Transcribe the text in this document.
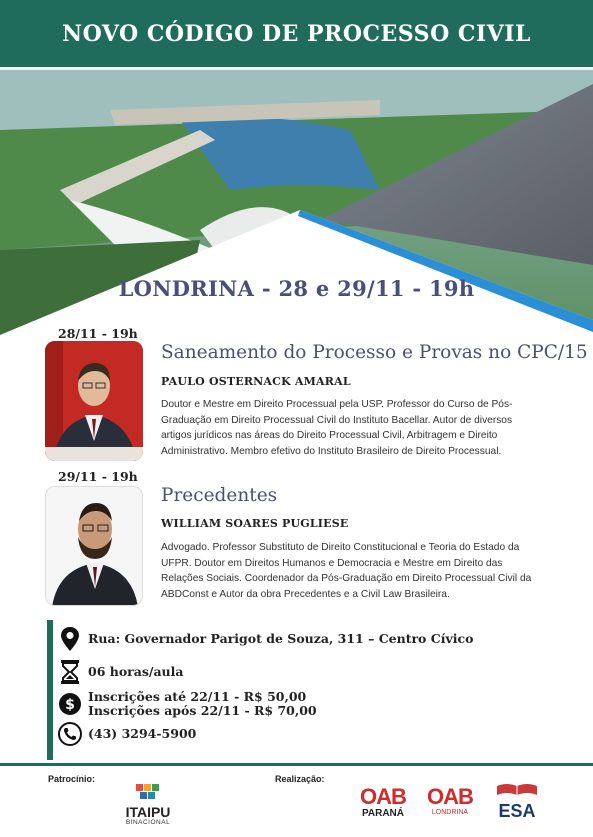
NOVO CÓDIGO DE PROCESSO CIVIL
LONDRINA - 28 e 29/11 - 19h
28/11 - 19h
Saneamento do Processo e Provas no CPC/15
PAULO OSTERNACK AMARAL
Doutor e Mestre em Direito Processual pela USP. Professor do Curso de Pós-
Graduação em Direito Processual Civil do Instituto Bacellar. Autor de diversos
artigos jurídicos nas áreas do Direito Processual Civil, Arbitragem e Direito
Administrativo. Membro efetivo do Instituto Brasileiro de Direito Processual.
29/11 - 19h
Precedentes
WILLIAM SOARES PUGLIESE
Advogado. Professor Substituto de Direito Constitucional e Teoria do Estado da
UFPR. Doutor em Direitos Humanos e Democracia e Mestre em Direito das
Relações Sociais. Coordenador da Pós-Graduação em Direito Processual Civil da
ABDConst e Autor da obra Precedentes e a Civil Law Brasileira.
Rua: Governador Parigot de Souza, 311 – Centro Cívico
06 horas/aula
$
Inscrições até 22/11 - R$ 50,00
Inscrições após 22/11 - R$ 70,00
(43) 3294-5900
Patrocínio:	Realização:
ITAIPU
BINACIONAL
OAB
PARANÁ
OAB
LONDRINA	ESA
